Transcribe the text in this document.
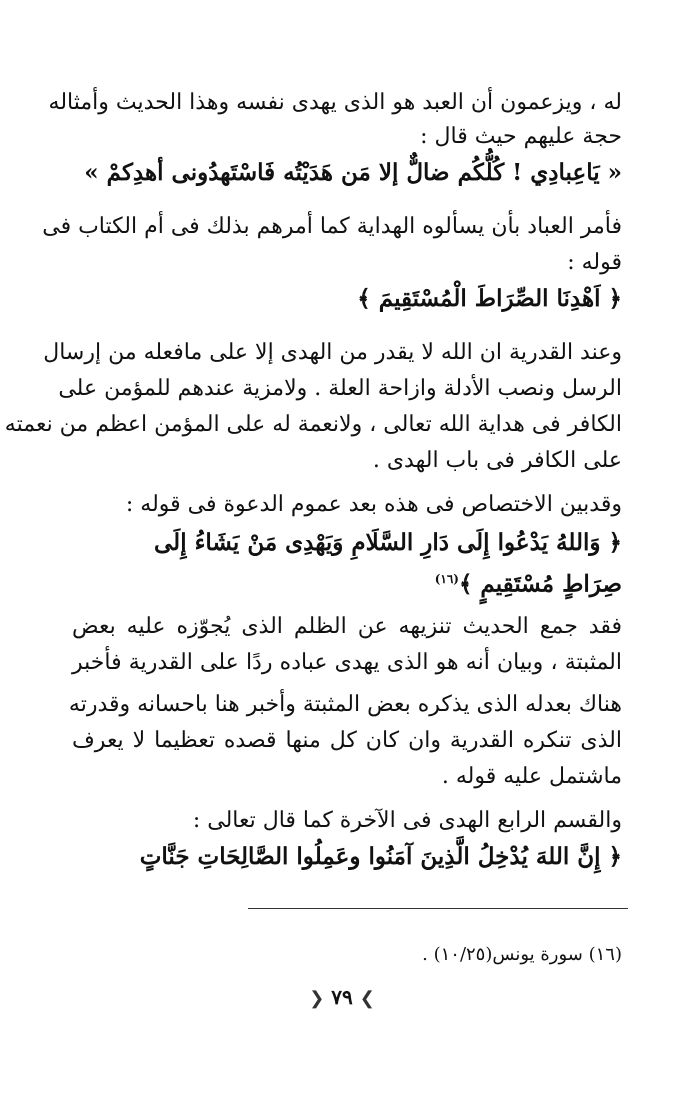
له ، ويزعمون أن العبد هو الذى يهدى نفسه وهذا الحديث وأمثاله
حجة عليهم حيث قال :
« يَاعِبادِي ! كُلُّكُم ضالٌّ إلا مَن هَدَيْتُه فَاسْتَهدُونى أهدِكمْ »
فأمر العباد بأن يسألوه الهداية كما أمرهم بذلك فى أم الكتاب فى
قوله :
﴿ اَهْدِنَا الصِّرَاطَ الْمُسْتَقِيمَ ﴾
وعند القدرية ان الله لا يقدر من الهدى إلا على مافعله من إرسال
الرسل ونصب الأدلة وازاحة العلة . ولامزية عندهم للمؤمن على
الكافر فى هداية الله تعالى ، ولانعمة له على المؤمن اعظم من نعمته
على الكافر فى باب الهدى .
وقدبين الاختصاص فى هذه بعد عموم الدعوة فى قوله :
﴿ وَاللهُ يَدْعُوا إِلَى دَارِ السَّلَامِ وَيَهْدِى مَنْ يَشَاءُ إِلَى
صِرَاطٍ مُسْتَقِيمٍ ﴾$^{(١٦)}$
فقد جمع الحديث تنزيهه عن الظلم الذى يُجوّزه عليه بعض
المثبتة ، وبيان أنه هو الذى يهدى عباده ردًا على القدرية فأخبر
هناك بعدله الذى يذكره بعض المثبتة وأخبر هنا باحسانه وقدرته
الذى تنكره القدرية وان كان كل منها قصده تعظيما لا يعرف
ماشتمل عليه قوله .
والقسم الرابع الهدى فى الآخرة كما قال تعالى :
﴿ إِنَّ اللهَ يُدْخِلُ الَّذِينَ آمَنُوا وعَمِلُوا الصَّالِحَاتِ جَنَّاتٍ
(١٦) سورة يونس(١٠/٢٥) .
❯ ٧٩ ❮
